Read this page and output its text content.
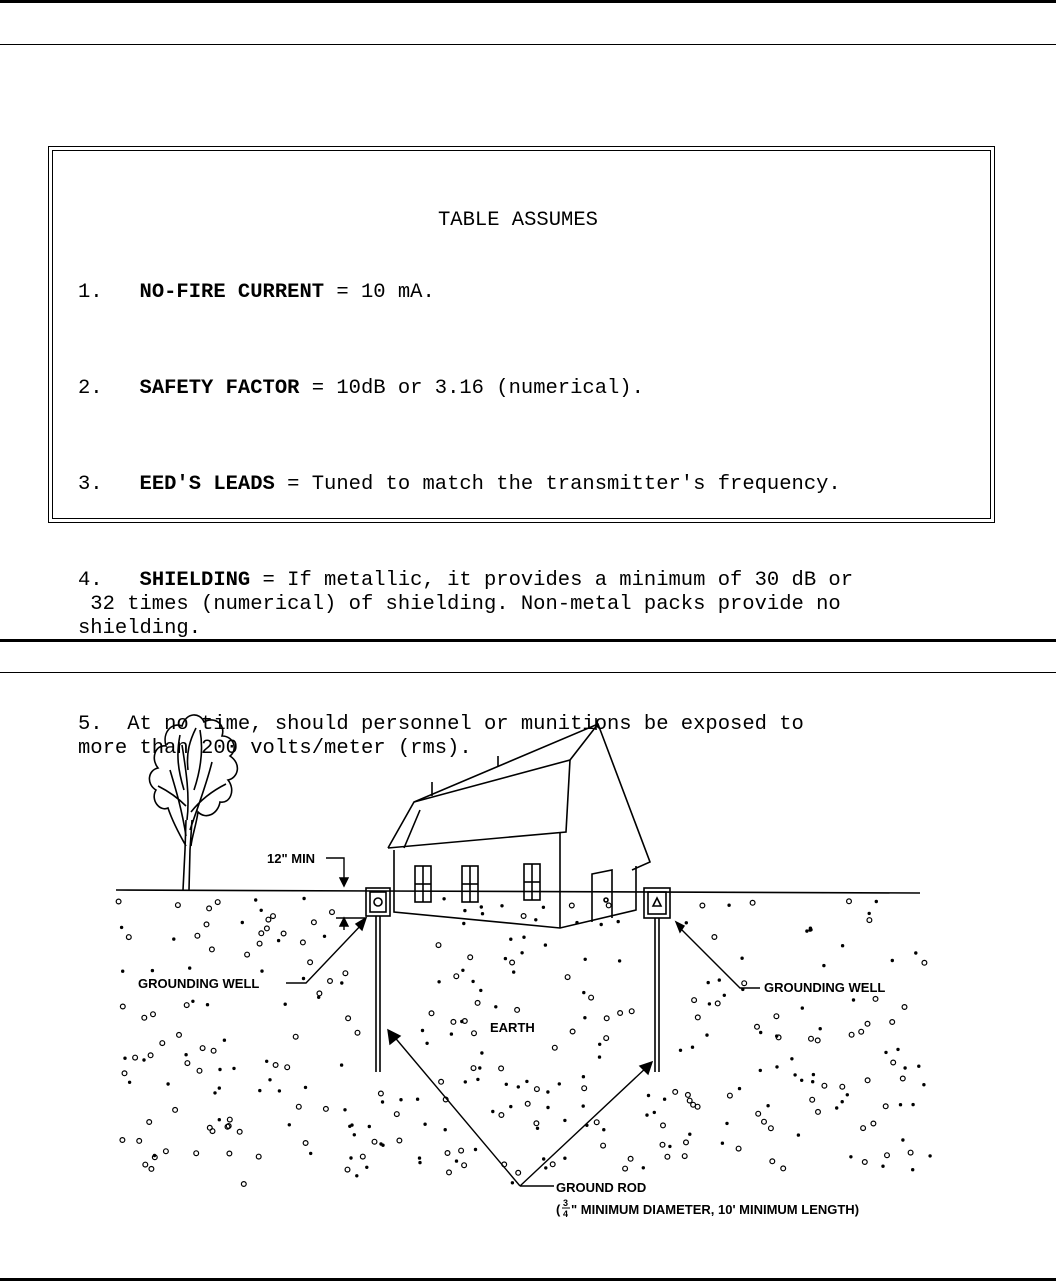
TABLE ASSUMES

1. NO-FIRE CURRENT = 10 mA.

2. SAFETY FACTOR = 10dB or 3.16 (numerical).

3. EED'S LEADS = Tuned to match the transmitter's frequency.

4. SHIELDING = If metallic, it provides a minimum of 30 dB or
32 times (numerical) of shielding. Non-metal packs provide no
shielding.

5. At no time, should personnel or munitions be exposed to
more than 200 volts/meter (rms).

12" MIN
GROUNDING WELL	GROUNDING WELL
EARTH
GROUND ROD
( 3
4 " MINIMUM DIAMETER, 10' MINIMUM LENGTH)
